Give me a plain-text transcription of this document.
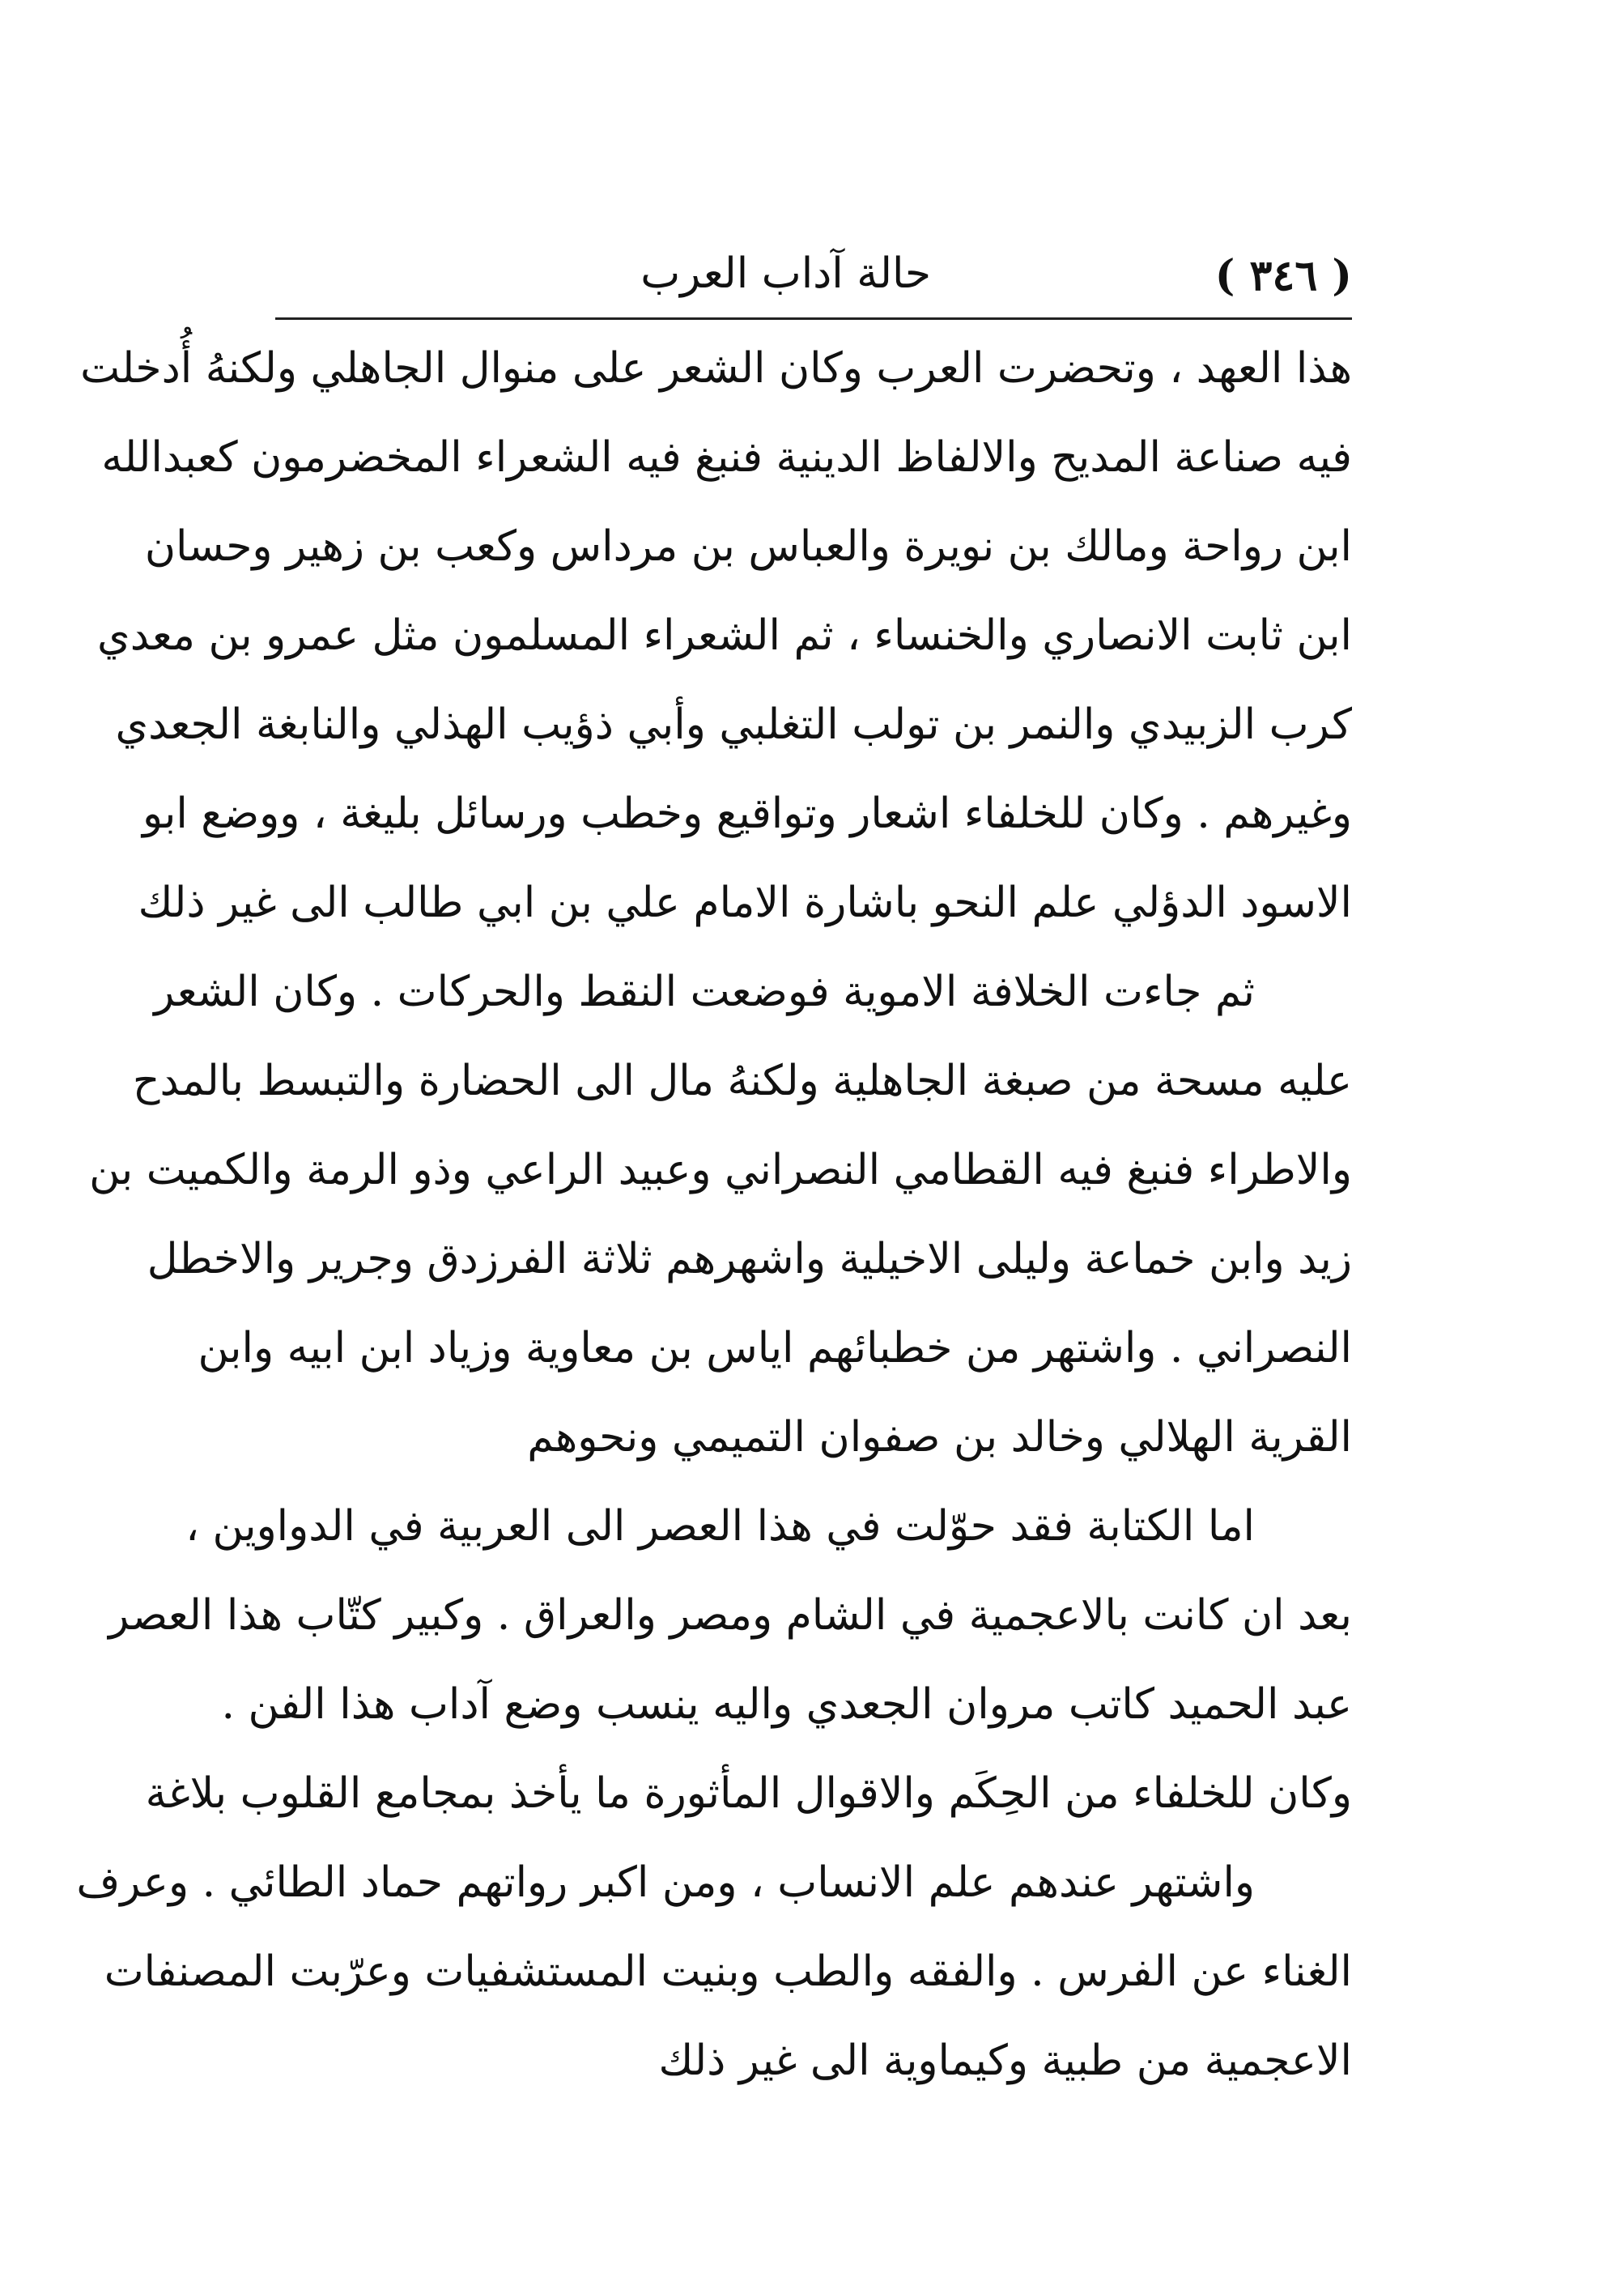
( ٣٤٦ )
حالة آداب العرب
هذا العهد ، وتحضرت العرب وكان الشعر على منوال الجاهلي ولكنهُ أُدخلت
فيه صناعة المديح والالفاظ الدينية فنبغ فيه الشعراء المخضرمون كعبدالله
ابن رواحة ومالك بن نويرة والعباس بن مرداس وكعب بن زهير وحسان
ابن ثابت الانصاري والخنساء ، ثم الشعراء المسلمون مثل عمرو بن معدي
كرب الزبيدي والنمر بن تولب التغلبي وأبي ذؤيب الهذلي والنابغة الجعدي
وغيرهم . وكان للخلفاء اشعار وتواقيع وخطب ورسائل بليغة ، ووضع ابو
الاسود الدؤلي علم النحو باشارة الامام علي بن ابي طالب الى غير ذلك
ثم جاءت الخلافة الاموية فوضعت النقط والحركات . وكان الشعر
عليه مسحة من صبغة الجاهلية ولكنهُ مال الى الحضارة والتبسط بالمدح
والاطراء فنبغ فيه القطامي النصراني وعبيد الراعي وذو الرمة والكميت بن
زيد وابن خماعة وليلى الاخيلية واشهرهم ثلاثة الفرزدق وجرير والاخطل
النصراني . واشتهر من خطبائهم اياس بن معاوية وزياد ابن ابيه وابن
القرية الهلالي وخالد بن صفوان التميمي ونحوهم
اما الكتابة فقد حوّلت في هذا العصر الى العربية في الدواوين ،
بعد ان كانت بالاعجمية في الشام ومصر والعراق . وكبير كتّاب هذا العصر
عبد الحميد كاتب مروان الجعدي واليه ينسب وضع آداب هذا الفن .
وكان للخلفاء من الحِكَم والاقوال المأثورة ما يأخذ بمجامع القلوب بلاغة
واشتهر عندهم علم الانساب ، ومن اكبر رواتهم حماد الطائي . وعرف
الغناء عن الفرس . والفقه والطب وبنيت المستشفيات وعرّبت المصنفات
الاعجمية من طبية وكيماوية الى غير ذلك
